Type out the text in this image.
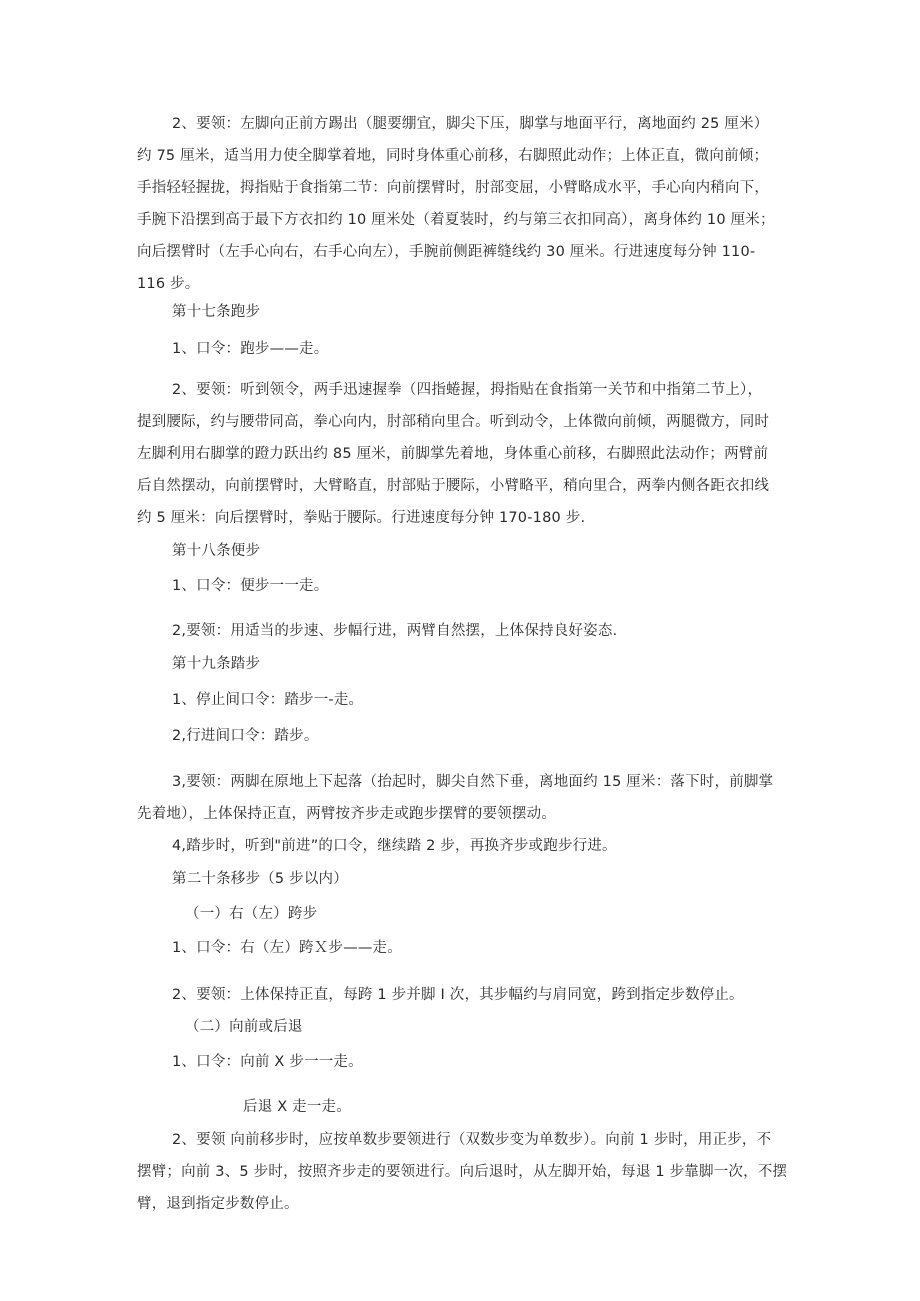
2、要领：左脚向正前方踢出（腿要绷宜，脚尖下压，脚掌与地面平行，离地面约 25 厘米）
约 75 厘米，适当用力使全脚掌着地，同时身体重心前移，右脚照此动作；上体正直，微向前倾；
手指轻轻握拢，拇指贴于食指第二节：向前摆臂时，肘部变屈，小臂略成水平，手心向内稍向下，
手腕下沿摆到高于最下方衣扣约 10 厘米处（着夏装时，约与第三衣扣同高），离身体约 10 厘米；
向后摆臂时（左手心向右，右手心向左），手腕前侧距裤缝线约 30 厘米。行进速度每分钟 110-
116 步。
第十七条跑步
1、口令：跑步——走。
2、要领：听到领令，两手迅速握拳（四指蜷握，拇指贴在食指第一关节和中指第二节上），
提到腰际，约与腰带同高，拳心向内，肘部稍向里合。听到动令，上体微向前倾，两腿微方，同时
左脚利用右脚掌的蹬力跃出约 85 厘米，前脚掌先着地，身体重心前移，右脚照此法动作；两臂前
后自然摆动，向前摆臂时，大臂略直，肘部贴于腰际，小臂略平，稍向里合，两拳内侧各距衣扣线
约 5 厘米：向后摆臂时，拳贴于腰际。行进速度每分钟 170-180 步.
第十八条便步
1、口令：便步一一走。
2,要领：用适当的步速、步幅行进，两臂自然摆，上体保持良好姿态.
第十九条踏步
1、停止间口令：踏步一-走。
2,行进间口令：踏步。
3,要领：两脚在原地上下起落（抬起时，脚尖自然下垂，离地面约 15 厘米：落下时，前脚掌
先着地），上体保持正直，两臂按齐步走或跑步摆臂的要领摆动。
4,踏步时，听到"前进”的口令，继续踏 2 步，再换齐步或跑步行进。
第二十条移步（5 步以内）
（一）右（左）跨步
1、口令：右（左）跨Ｘ步——走。
2、要领：上体保持正直，每跨 1 步并脚 I 次，其步幅约与肩同宽，跨到指定步数停止。
（二）向前或后退
1、口令：向前 X 步一一走。
后退 X 走一走。
2、要领 向前移步时，应按单数步要领进行（双数步变为单数步）。向前 1 步时，用正步，不
摆臂；向前 3、5 步时，按照齐步走的要领进行。向后退时，从左脚开始，每退 1 步靠脚一次，不摆
臂，退到指定步数停止。
